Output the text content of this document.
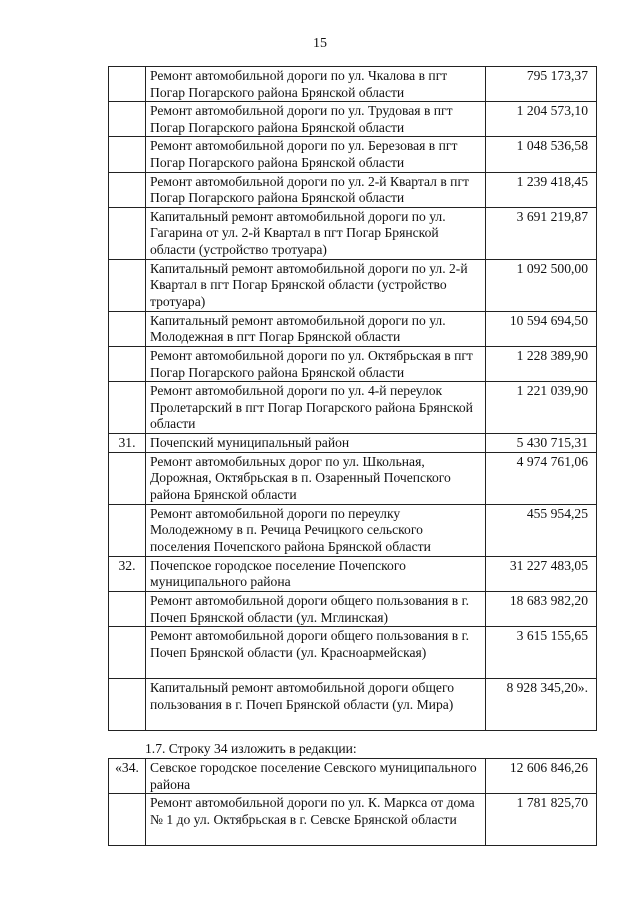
15
	Ремонт автомобильной дороги по ул. Чкалова в пгт Погар Погарского района Брянской области	795 173,37
	Ремонт автомобильной дороги по ул. Трудовая в пгт Погар Погарского района Брянской области	1 204 573,10
	Ремонт автомобильной дороги по ул. Березовая в пгт Погар Погарского района Брянской области	1 048 536,58
	Ремонт автомобильной дороги по ул. 2-й Квартал в пгт Погар Погарского района Брянской области	1 239 418,45
	Капитальный ремонт автомобильной дороги по ул. Гагарина от ул. 2-й Квартал в пгт Погар Брянской области (устройство тротуара)	3 691 219,87
	Капитальный ремонт автомобильной дороги по ул. 2-й Квартал в пгт Погар Брянской области (устройство тротуара)	1 092 500,00
	Капитальный ремонт автомобильной дороги по ул. Молодежная в пгт Погар Брянской области	10 594 694,50
	Ремонт автомобильной дороги по ул. Октябрьская в пгт Погар Погарского района Брянской области	1 228 389,90
	Ремонт автомобильной дороги по ул. 4-й переулок Пролетарский в пгт Погар Погарского района Брянской области	1 221 039,90
31.	Почепский муниципальный район	5 430 715,31
	Ремонт автомобильных дорог по ул. Школьная, Дорожная, Октябрьская в п. Озаренный Почепского района Брянской области	4 974 761,06
	Ремонт автомобильной дороги по переулку Молодежному в п. Речица Речицкого сельского поселения Почепского района Брянской области	455 954,25
32.	Почепское городское поселение Почепского муниципального района	31 227 483,05
	Ремонт автомобильной дороги общего пользования в г. Почеп Брянской области (ул. Мглинская)	18 683 982,20
	Ремонт автомобильной дороги общего пользования в г. Почеп Брянской области (ул. Красноармейская)	3 615 155,65
	Капитальный ремонт автомобильной дороги общего пользования в г. Почеп Брянской области (ул. Мира)	8 928 345,20».
1.7. Строку 34 изложить в редакции:
«34.	Севское городское поселение Севского муниципального района	12 606 846,26
	Ремонт автомобильной дороги по ул. К. Маркса от дома № 1 до ул. Октябрьская в г. Севске Брянской области	1 781 825,70
